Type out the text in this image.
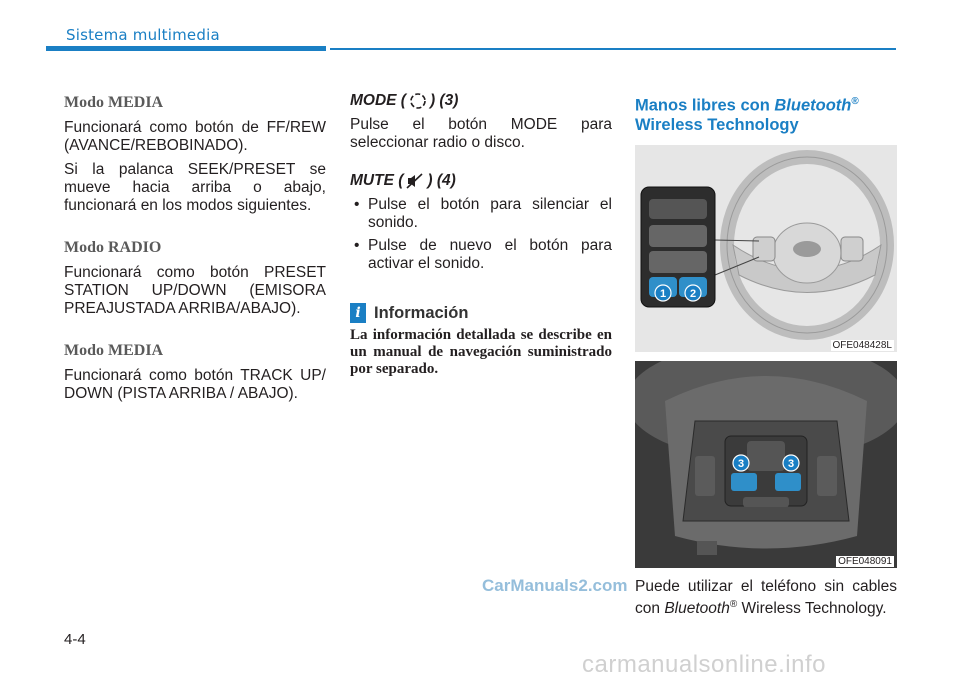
Sistema multimedia
Modo MEDIA
Funcionará como botón de FF/REW (AVANCE/REBOBINADO).
Si la palanca SEEK/PRESET se mueve hacia arriba o abajo, funcionará en los modos siguientes.
Modo RADIO
Funcionará como botón PRESET STATION UP/DOWN (EMISORA PREAJUSTADA ARRIBA/ABAJO).
Modo MEDIA
Funcionará como botón TRACK UP/ DOWN (PISTA ARRIBA / ABAJO).
MODE ( ) (3)
Pulse el botón MODE para seleccionar radio o disco.
MUTE ( ) (4)
• Pulse el botón para silenciar el sonido.
• Pulse de nuevo el botón para activar el sonido.
i Información
La información detallada se describe en un manual de navegación suministrado por separado.
Manos libres con Bluetooth®
Wireless Technology
1 2
OFE048428L
3	3
OFE048091
Puede utilizar el teléfono sin cables con Bluetooth® Wireless Technology.
CarManuals2.com
4-4
carmanualsonline.info
